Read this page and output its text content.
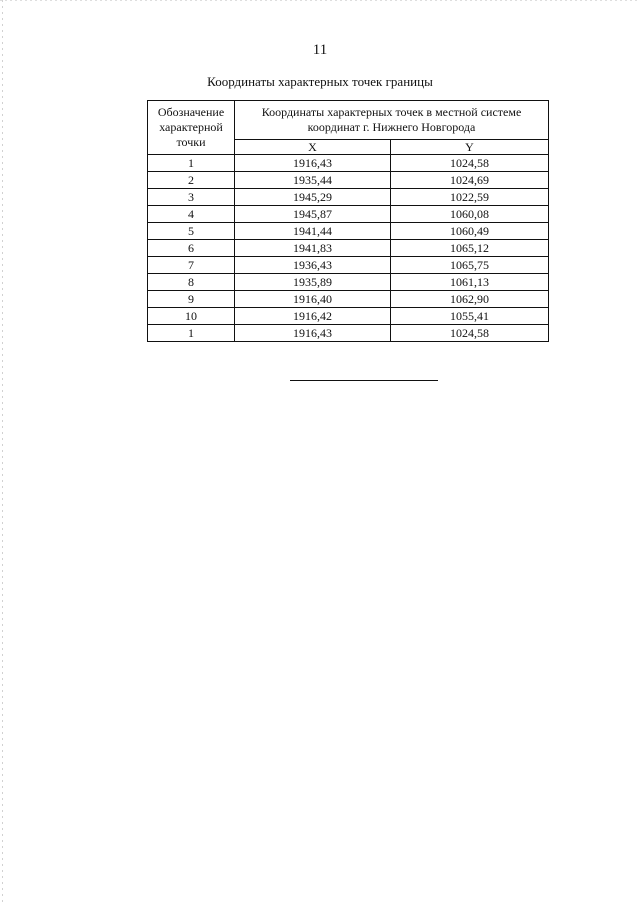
11
Координаты характерных точек границы
Обозначение характерной точки	Координаты характерных точек в местной системе координат г. Нижнего Новгорода	
	X	Y
1	1916,43	1024,58
2	1935,44	1024,69
3	1945,29	1022,59
4	1945,87	1060,08
5	1941,44	1060,49
6	1941,83	1065,12
7	1936,43	1065,75
8	1935,89	1061,13
9	1916,40	1062,90
10	1916,42	1055,41
1	1916,43	1024,58
